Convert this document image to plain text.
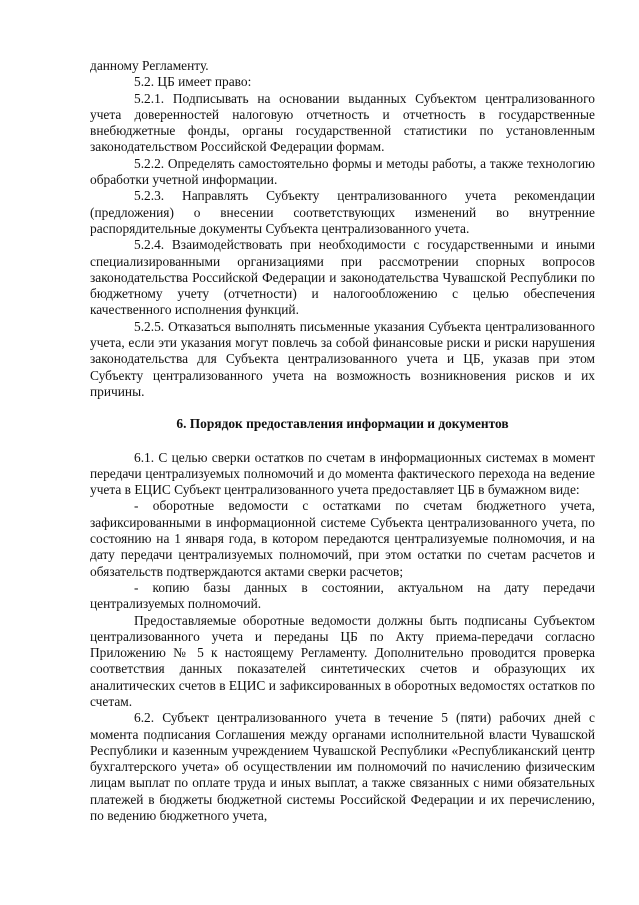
данному Регламенту.

5.2. ЦБ имеет право:

5.2.1. Подписывать на основании выданных Субъектом централизованного учета доверенностей налоговую отчетность и отчетность в государственные внебюджетные фонды, органы государственной статистики по установленным законодательством Российской Федерации формам.

5.2.2. Определять самостоятельно формы и методы работы, а также технологию обработки учетной информации.

5.2.3. Направлять Субъекту централизованного учета рекомендации (предложения) о внесении соответствующих изменений во внутренние распорядительные документы Субъекта централизованного учета.

5.2.4. Взаимодействовать при необходимости с государственными и иными специализированными организациями при рассмотрении спорных вопросов законодательства Российской Федерации и законодательства Чувашской Республики по бюджетному учету (отчетности) и налогообложению с целью обеспечения качественного исполнения функций.

5.2.5. Отказаться выполнять письменные указания Субъекта централизованного учета, если эти указания могут повлечь за собой финансовые риски и риски нарушения законодательства для Субъекта централизованного учета и ЦБ, указав при этом Субъекту централизованного учета на возможность возникновения рисков и их причины.

6. Порядок предоставления информации и документов

6.1. С целью сверки остатков по счетам в информационных системах в момент передачи централизуемых полномочий и до момента фактического перехода на ведение учета в ЕЦИС Субъект централизованного учета предоставляет ЦБ в бумажном виде:

- оборотные ведомости с остатками по счетам бюджетного учета, зафиксированными в информационной системе Субъекта централизованного учета, по состоянию на 1 января года, в котором передаются централизуемые полномочия, и на дату передачи централизуемых полномочий, при этом остатки по счетам расчетов и обязательств подтверждаются актами сверки расчетов;

- копию базы данных в состоянии, актуальном на дату передачи централизуемых полномочий.

Предоставляемые оборотные ведомости должны быть подписаны Субъектом централизованного учета и переданы ЦБ по Акту приема-передачи согласно Приложению № 5 к настоящему Регламенту. Дополнительно проводится проверка соответствия данных показателей синтетических счетов и образующих их аналитических счетов в ЕЦИС и зафиксированных в оборотных ведомостях остатков по счетам.

6.2. Субъект централизованного учета в течение 5 (пяти) рабочих дней с момента подписания Соглашения между органами исполнительной власти Чувашской Республики и казенным учреждением Чувашской Республики «Республиканский центр бухгалтерского учета» об осуществлении им полномочий по начислению физическим лицам выплат по оплате труда и иных выплат, а также связанных с ними обязательных платежей в бюджеты бюджетной системы Российской Федерации и их перечислению, по ведению бюджетного учета,
